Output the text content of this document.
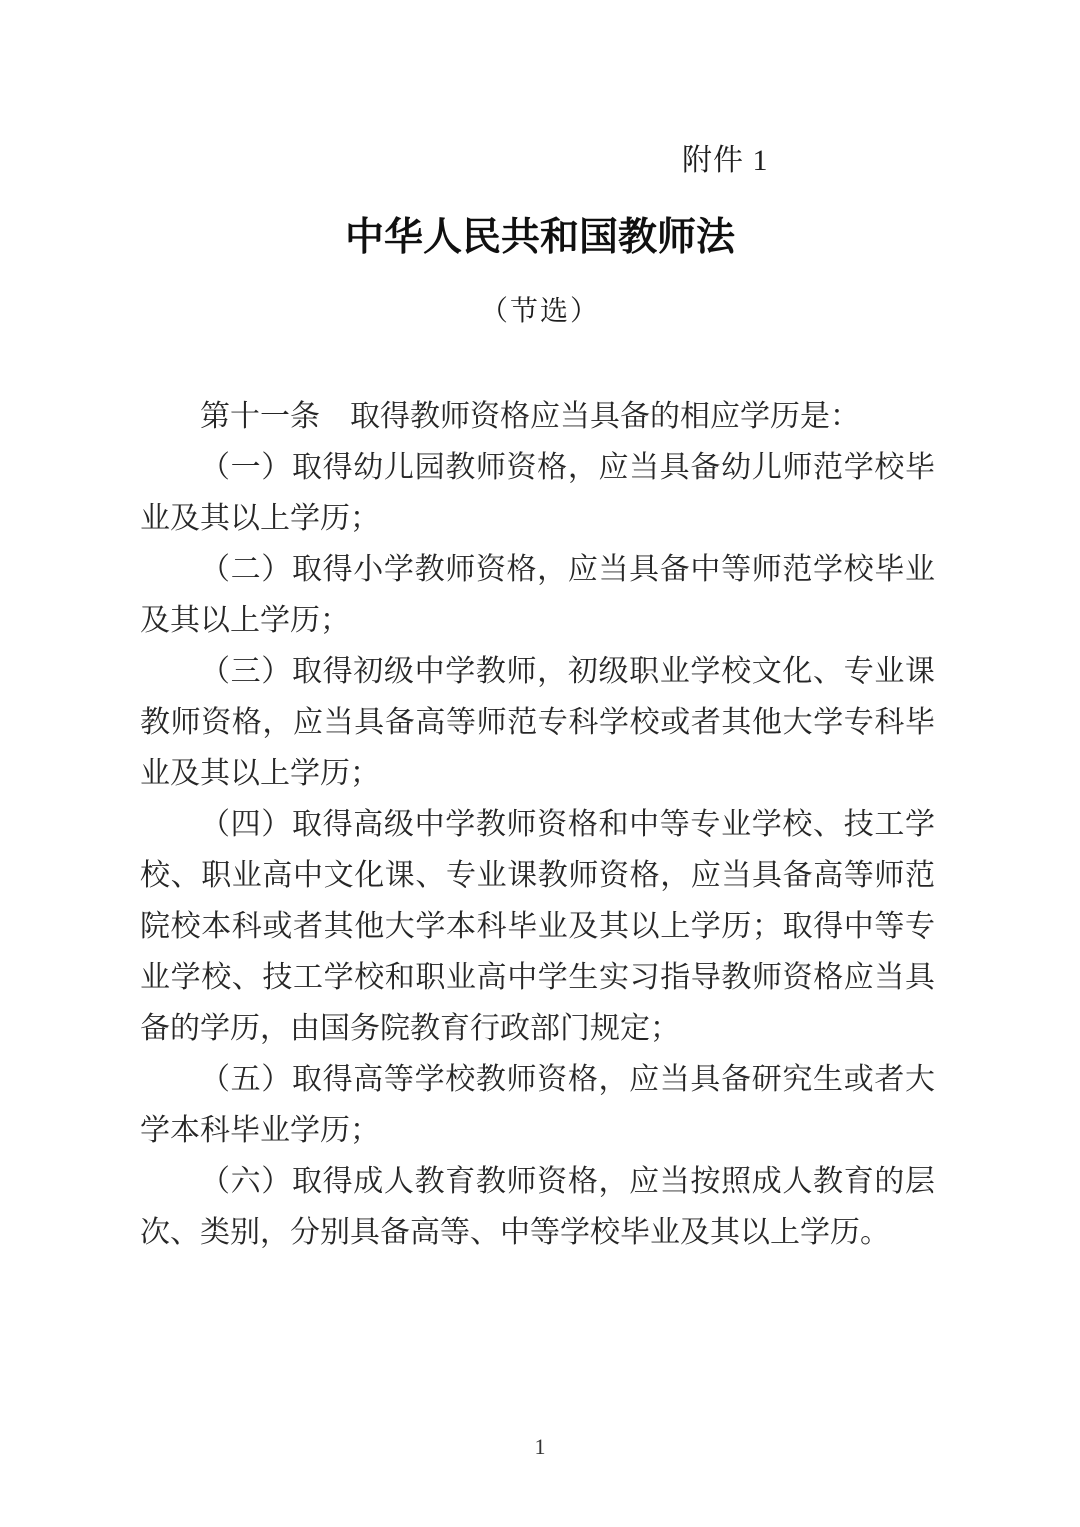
附件 1
中华人民共和国教师法
（节选）

第十一条　取得教师资格应当具备的相应学历是：

（一）取得幼儿园教师资格，应当具备幼儿师范学校毕业及其以上学历；

（二）取得小学教师资格，应当具备中等师范学校毕业及其以上学历；

（三）取得初级中学教师，初级职业学校文化、专业课教师资格，应当具备高等师范专科学校或者其他大学专科毕业及其以上学历；

（四）取得高级中学教师资格和中等专业学校、技工学校、职业高中文化课、专业课教师资格，应当具备高等师范院校本科或者其他大学本科毕业及其以上学历；取得中等专业学校、技工学校和职业高中学生实习指导教师资格应当具备的学历，由国务院教育行政部门规定；

（五）取得高等学校教师资格，应当具备研究生或者大学本科毕业学历；

（六）取得成人教育教师资格，应当按照成人教育的层次、类别，分别具备高等、中等学校毕业及其以上学历。

1
